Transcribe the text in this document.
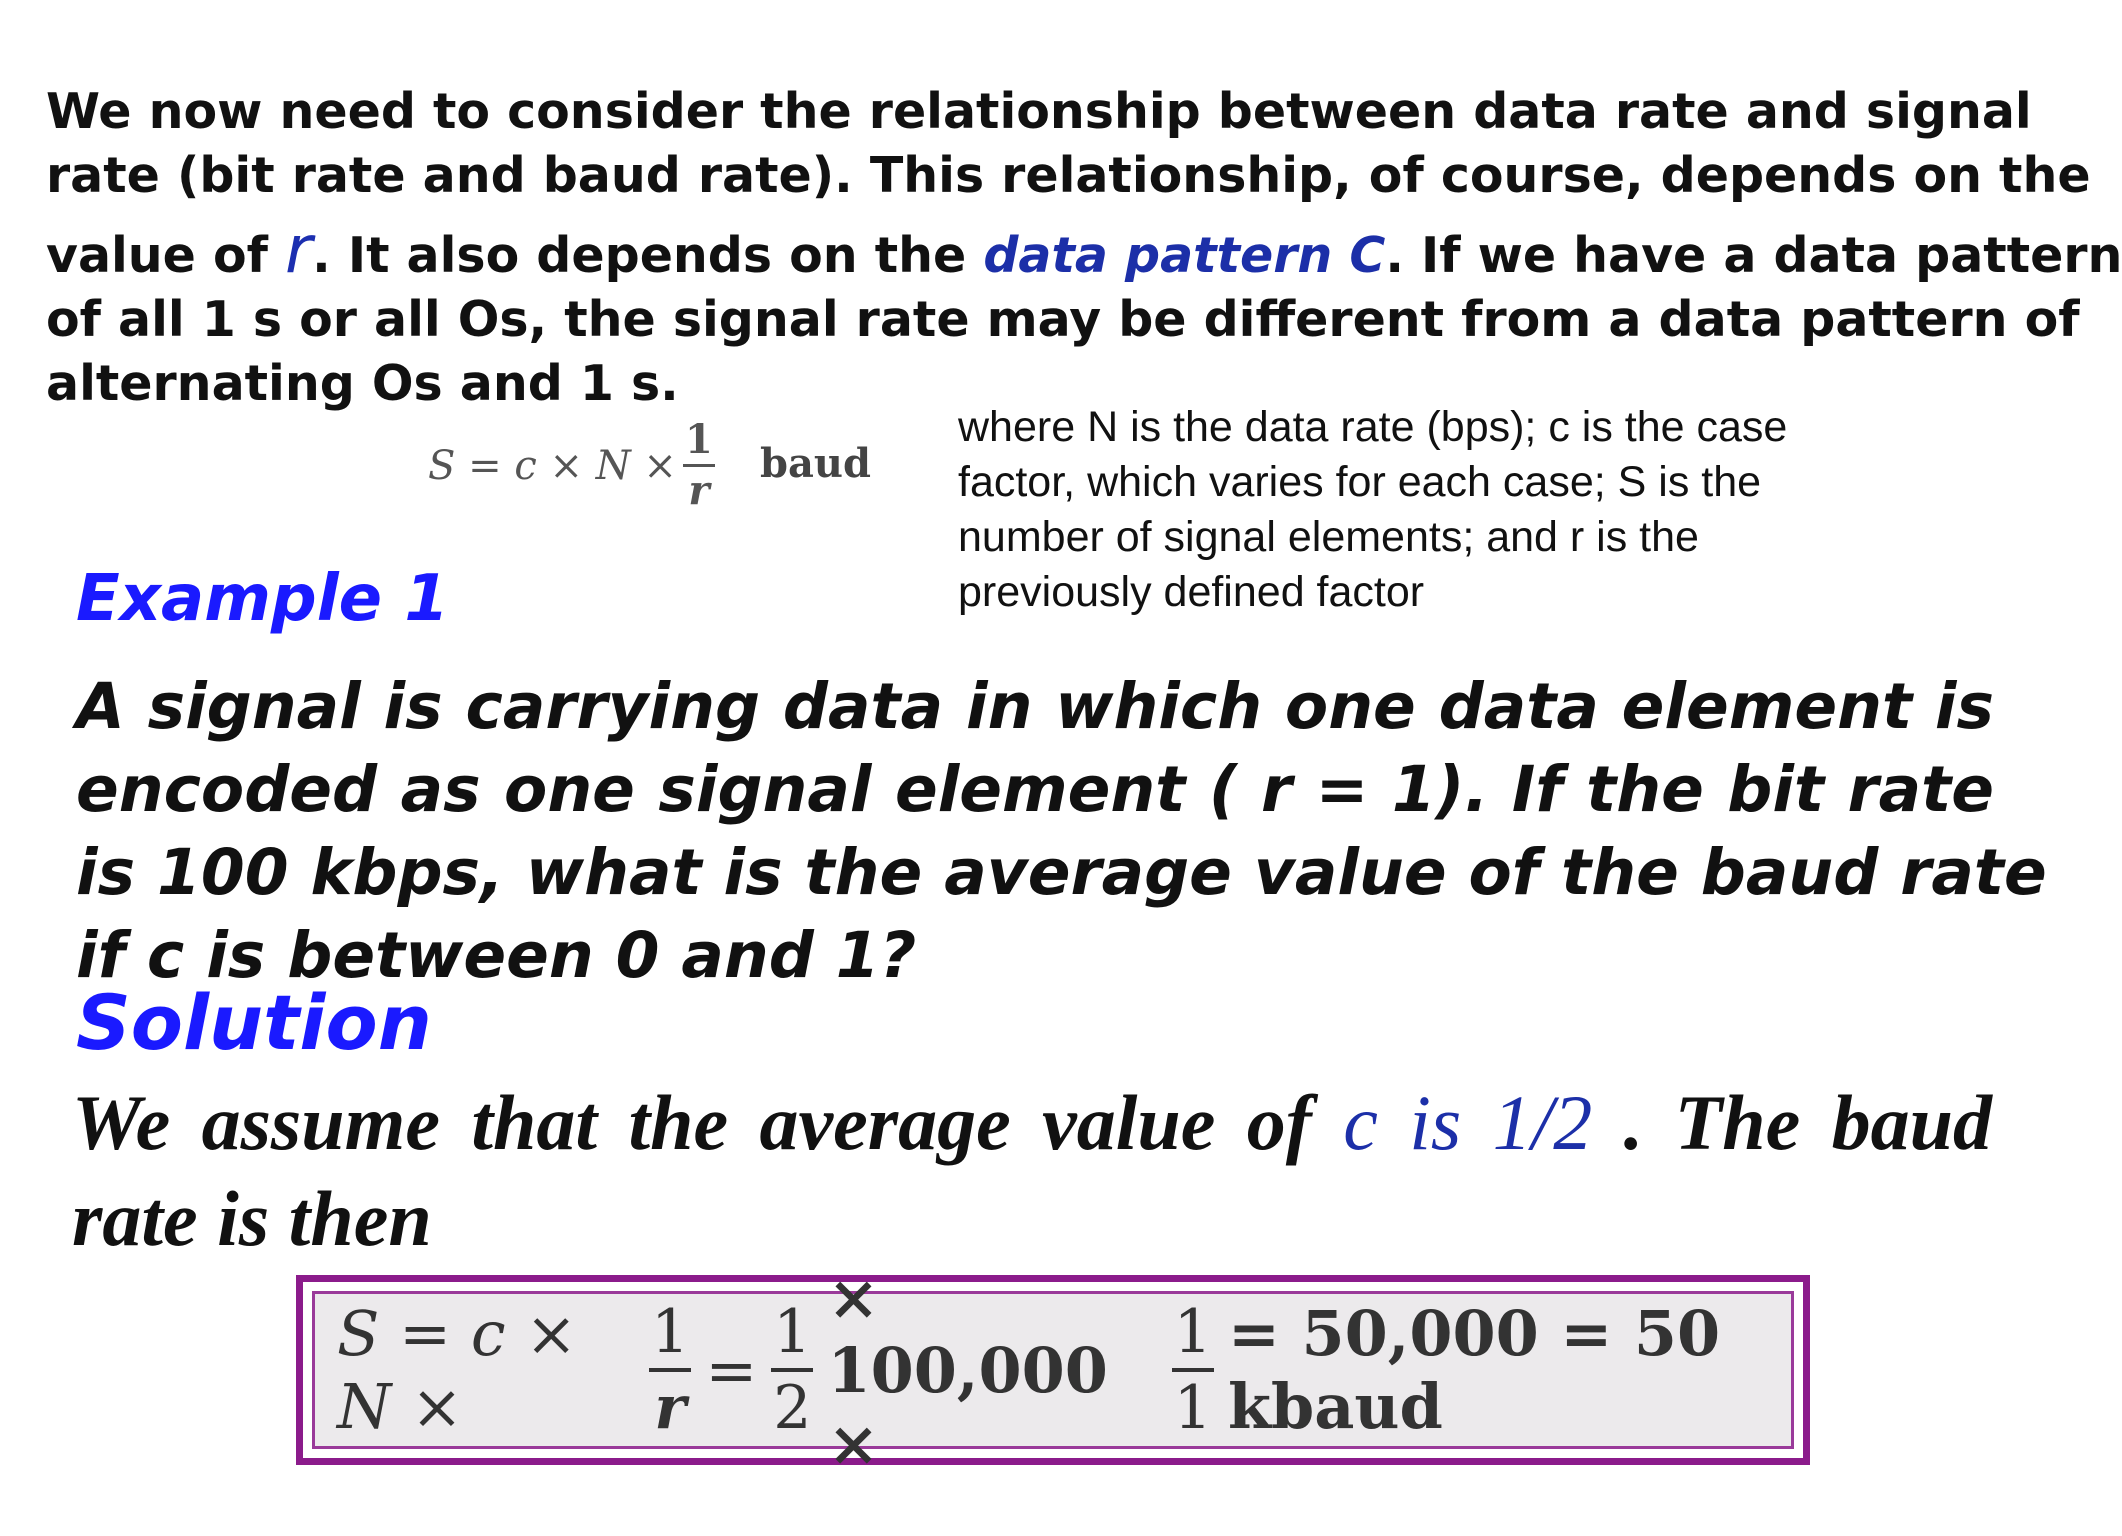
We now need to consider the relationship between data rate and signal
rate (bit rate and baud rate). This relationship, of course, depends on the
value of r. It also depends on the data pattern C. If we have a data pattern
of all 1 s or all Os, the signal rate may be different from a data pattern of
alternating Os and 1 s.
$S = c \times N \times \frac{1}{r}$ baud
where N is the data rate (bps); c is the case
factor, which varies for each case; S is the
number of signal elements; and r is the
previously defined factor
Example 1
A signal is carrying data in which one data element is
encoded as one signal element ( r = 1). If the bit rate
is 100 kbps, what is the average value of the baud rate
if c is between 0 and 1?
Solution
We assume that the average value of c is 1/2 . The baud
rate is then
S = c × N ×	$\frac{1}{r} = \frac{1}{2}$
× 100,000 ×
$\frac{1}{1} = 50,000 = 50$ kbaud
